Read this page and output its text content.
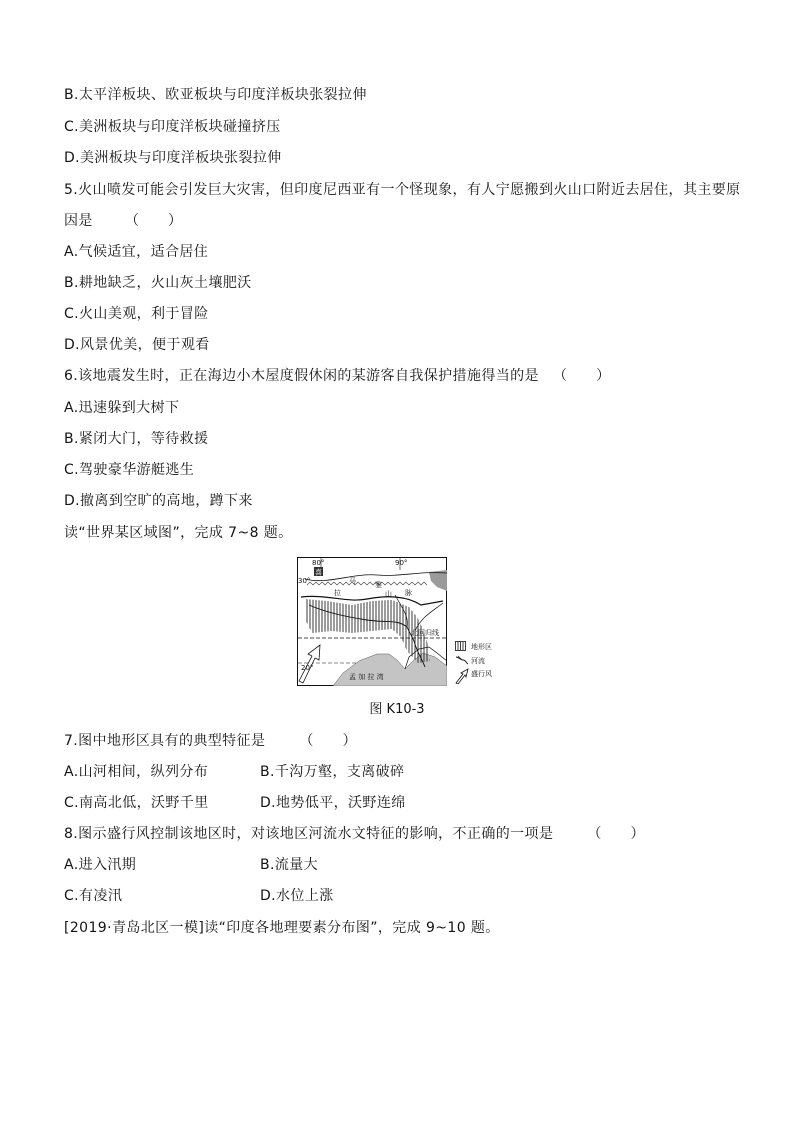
B.太平洋板块、欧亚板块与印度洋板块张裂拉伸
C.美洲板块与印度洋板块碰撞挤压
D.美洲板块与印度洋板块张裂拉伸
5.火山喷发可能会引发巨大灾害，但印度尼西亚有一个怪现象，有人宁愿搬到火山口附近去居住，其主要原
因是 （　　）
A.气候适宜，适合居住
B.耕地缺乏，火山灰土壤肥沃
C.火山美观，利于冒险
D.风景优美，便于观看
6.该地震发生时，正在海边小木屋度假休闲的某游客自我保护措施得当的是 （　　）
A.迅速躲到大树下
B.紧闭大门，等待救援
C.驾驶豪华游艇逃生
D.撤离到空旷的高地，蹲下来
读“世界某区域图”，完成 7~8 题。
80°	90°
30°
20°
喜
马
拉
雅
山 脉
北回归线
孟 加 拉 湾
地形区
河流
盛行风
图 K10-3
7.图中地形区具有的典型特征是 （　　）
A.山河相间，纵列分布	B.千沟万壑，支离破碎
C.南高北低，沃野千里	D.地势低平，沃野连绵
8.图示盛行风控制该地区时，对该地区河流水文特征的影响，不正确的一项是 （　　）
A.进入汛期	B.流量大
C.有凌汛	D.水位上涨
[2019·青岛北区一模]读“印度各地理要素分布图”，完成 9~10 题。
